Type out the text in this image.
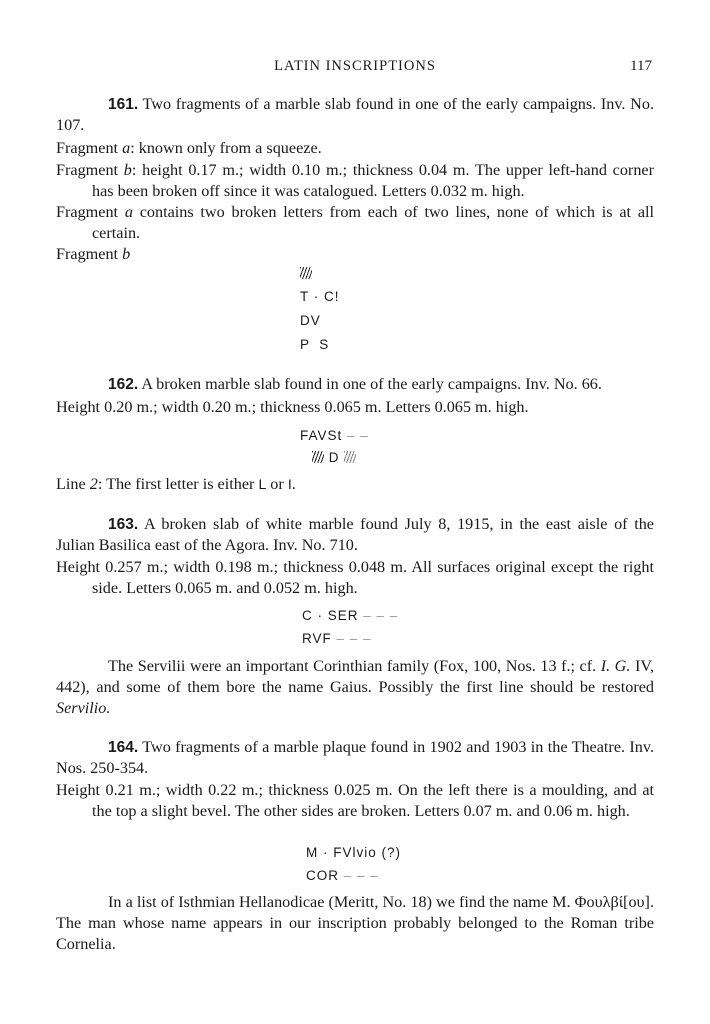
LATIN INSCRIPTIONS	117

161. Two fragments of a marble slab found in one of the early campaigns. Inv. No. 107.

Fragment a: known only from a squeeze.

Fragment b: height 0.17 m.; width 0.10 m.; thickness 0.04 m. The upper left-hand corner has been broken off since it was catalogued. Letters 0.032 m. high.

Fragment a contains two broken letters from each of two lines, none of which is at all certain.

Fragment b

T · C!
DV
P  S

162. A broken marble slab found in one of the early campaigns. Inv. No. 66.

Height 0.20 m.; width 0.20 m.; thickness 0.065 m. Letters 0.065 m. high.

FAVSt – –
D

Line 2: The first letter is either L or I.

163. A broken slab of white marble found July 8, 1915, in the east aisle of the Julian Basilica east of the Agora. Inv. No. 710.

Height 0.257 m.; width 0.198 m.; thickness 0.048 m. All surfaces original except the right side. Letters 0.065 m. and 0.052 m. high.

C · SER – – –
RVF – – –

The Servilii were an important Corinthian family (Fox, 100, Nos. 13 f.; cf. I. G. IV, 442), and some of them bore the name Gaius. Possibly the first line should be restored Servilio.

164. Two fragments of a marble plaque found in 1902 and 1903 in the Theatre. Inv. Nos. 250-354.

Height 0.21 m.; width 0.22 m.; thickness 0.025 m. On the left there is a moulding, and at the top a slight bevel. The other sides are broken. Letters 0.07 m. and 0.06 m. high.

M · FVlvio (?)
COR – – –

In a list of Isthmian Hellanodicae (Meritt, No. 18) we find the name M. Φουλβί[ου]. The man whose name appears in our inscription probably belonged to the Roman tribe Cornelia.
